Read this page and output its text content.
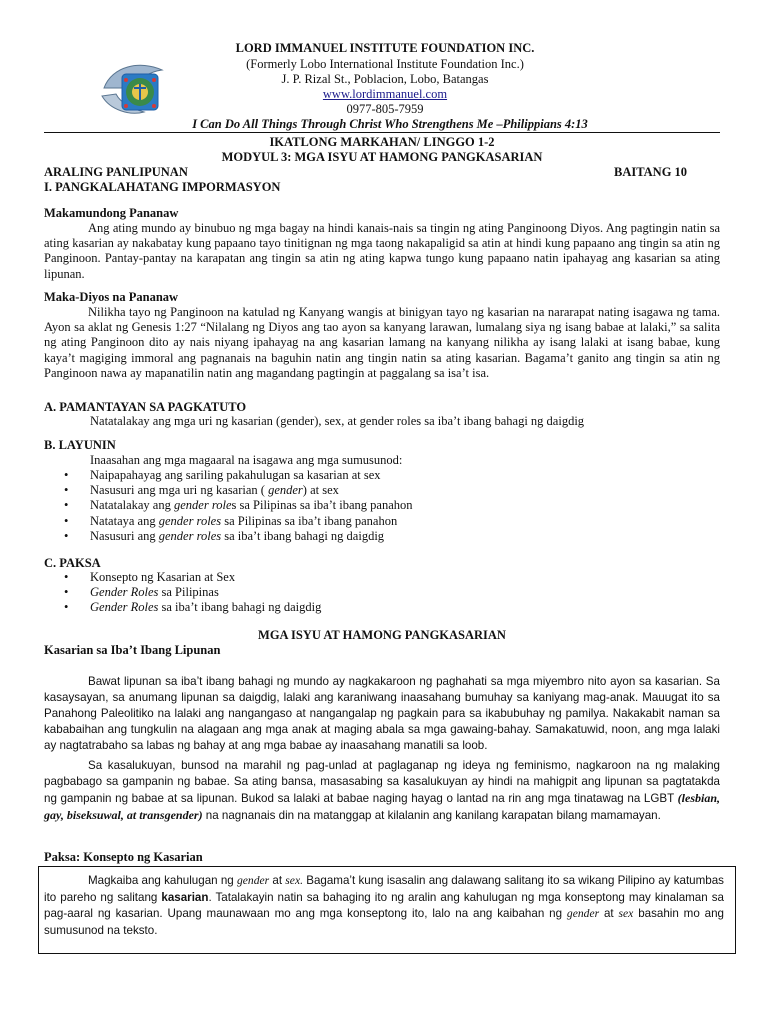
LORD IMMANUEL INSTITUTE FOUNDATION INC.
(Formerly Lobo International Institute Foundation Inc.)
J. P. Rizal St., Poblacion, Lobo, Batangas
www.lordimmanuel.com
0977-805-7959
I Can Do All Things Through Christ Who Strengthens Me –Philippians 4:13
IKATLONG MARKAHAN/ LINGGO 1-2
MODYUL 3: MGA ISYU AT HAMONG PANGKASARIAN
ARALING PANLIPUNAN	BAITANG 10
I. PANGKALAHATANG IMPORMASYON
Makamundong Pananaw
Ang ating mundo ay binubuo ng mga bagay na hindi kanais-nais sa tingin ng ating Panginoong Diyos. Ang pagtingin natin sa ating kasarian ay nakabatay kung papaano tayo tinitignan ng mga taong nakapaligid sa atin at hindi kung papaano ang tingin sa atin ng Panginoon. Pantay-pantay na karapatan ang tingin sa atin ng ating kapwa tungo kung papaano natin ipahayag ang kasarian sa ating lipunan.
Maka-Diyos na Pananaw
Nilikha tayo ng Panginoon na katulad ng Kanyang wangis at binigyan tayo ng kasarian na nararapat nating isagawa ng tama. Ayon sa aklat ng Genesis 1:27 “Nilalang ng Diyos ang tao ayon sa kanyang larawan, lumalang siya ng isang babae at lalaki,” sa salita ng ating Panginoon dito ay nais niyang ipahayag na ang kasarian lamang na kanyang nilikha ay isang lalaki at isang babae, kung kaya’t magiging immoral ang pagnanais na baguhin natin ang tingin natin sa ating kasarian. Bagama’t ganito ang tingin sa atin ng Panginoon nawa ay mapanatilin natin ang magandang pagtingin at paggalang sa isa’t isa.
A. PAMANTAYAN SA PAGKATUTO
Natatalakay ang mga uri ng kasarian (gender), sex, at gender roles sa iba’t ibang bahagi ng daigdig
B. LAYUNIN
Inaasahan ang mga magaaral na isagawa ang mga sumusunod:
• Naipapahayag ang sariling pakahulugan sa kasarian at sex
• Nasusuri ang mga uri ng kasarian ( gender) at sex
• Natatalakay ang gender roles sa Pilipinas sa iba’t ibang panahon
• Natataya ang gender roles sa Pilipinas sa iba’t ibang panahon
• Nasusuri ang gender roles sa iba’t ibang bahagi ng daigdig
C. PAKSA
• Konsepto ng Kasarian at Sex
• Gender Roles sa Pilipinas
• Gender Roles sa iba’t ibang bahagi ng daigdig
MGA ISYU AT HAMONG PANGKASARIAN
Kasarian sa Iba’t Ibang Lipunan
Bawat lipunan sa iba’t ibang bahagi ng mundo ay nagkakaroon ng paghahati sa mga miyembro nito ayon sa kasarian. Sa kasaysayan, sa anumang lipunan sa daigdig, lalaki ang karaniwang inaasahang bumuhay sa kaniyang mag-anak. Mauugat ito sa Panahong Paleolitiko na lalaki ang nangangaso at nangangalap ng pagkain para sa ikabubuhay ng pamilya. Nakakabit naman sa kababaihan ang tungkulin na alagaan ang mga anak at maging abala sa mga gawaing-bahay. Samakatuwid, noon, ang mga lalaki ay nagtatrabaho sa labas ng bahay at ang mga babae ay inaasahang manatili sa loob.
Sa kasalukuyan, bunsod na marahil ng pag-unlad at paglaganap ng ideya ng feminismo, nagkaroon na ng malaking pagbabago sa gampanin ng babae. Sa ating bansa, masasabing sa kasalukuyan ay hindi na mahigpit ang lipunan sa pagtatakda ng gampanin ng babae at sa lipunan. Bukod sa lalaki at babae naging hayag o lantad na rin ang mga tinatawag na LGBT (lesbian, gay, biseksuwal, at transgender) na nagnanais din na matanggap at kilalanin ang kanilang karapatan bilang mamamayan.
Paksa: Konsepto ng Kasarian
Magkaiba ang kahulugan ng gender at sex. Bagama’t kung isasalin ang dalawang salitang ito sa wikang Pilipino ay katumbas ito pareho ng salitang kasarian. Tatalakayin natin sa bahaging ito ng aralin ang kahulugan ng mga konseptong may kinalaman sa pag-aaral ng kasarian. Upang maunawaan mo ang mga konseptong ito, lalo na ang kaibahan ng gender at sex basahin mo ang sumusunod na teksto.
